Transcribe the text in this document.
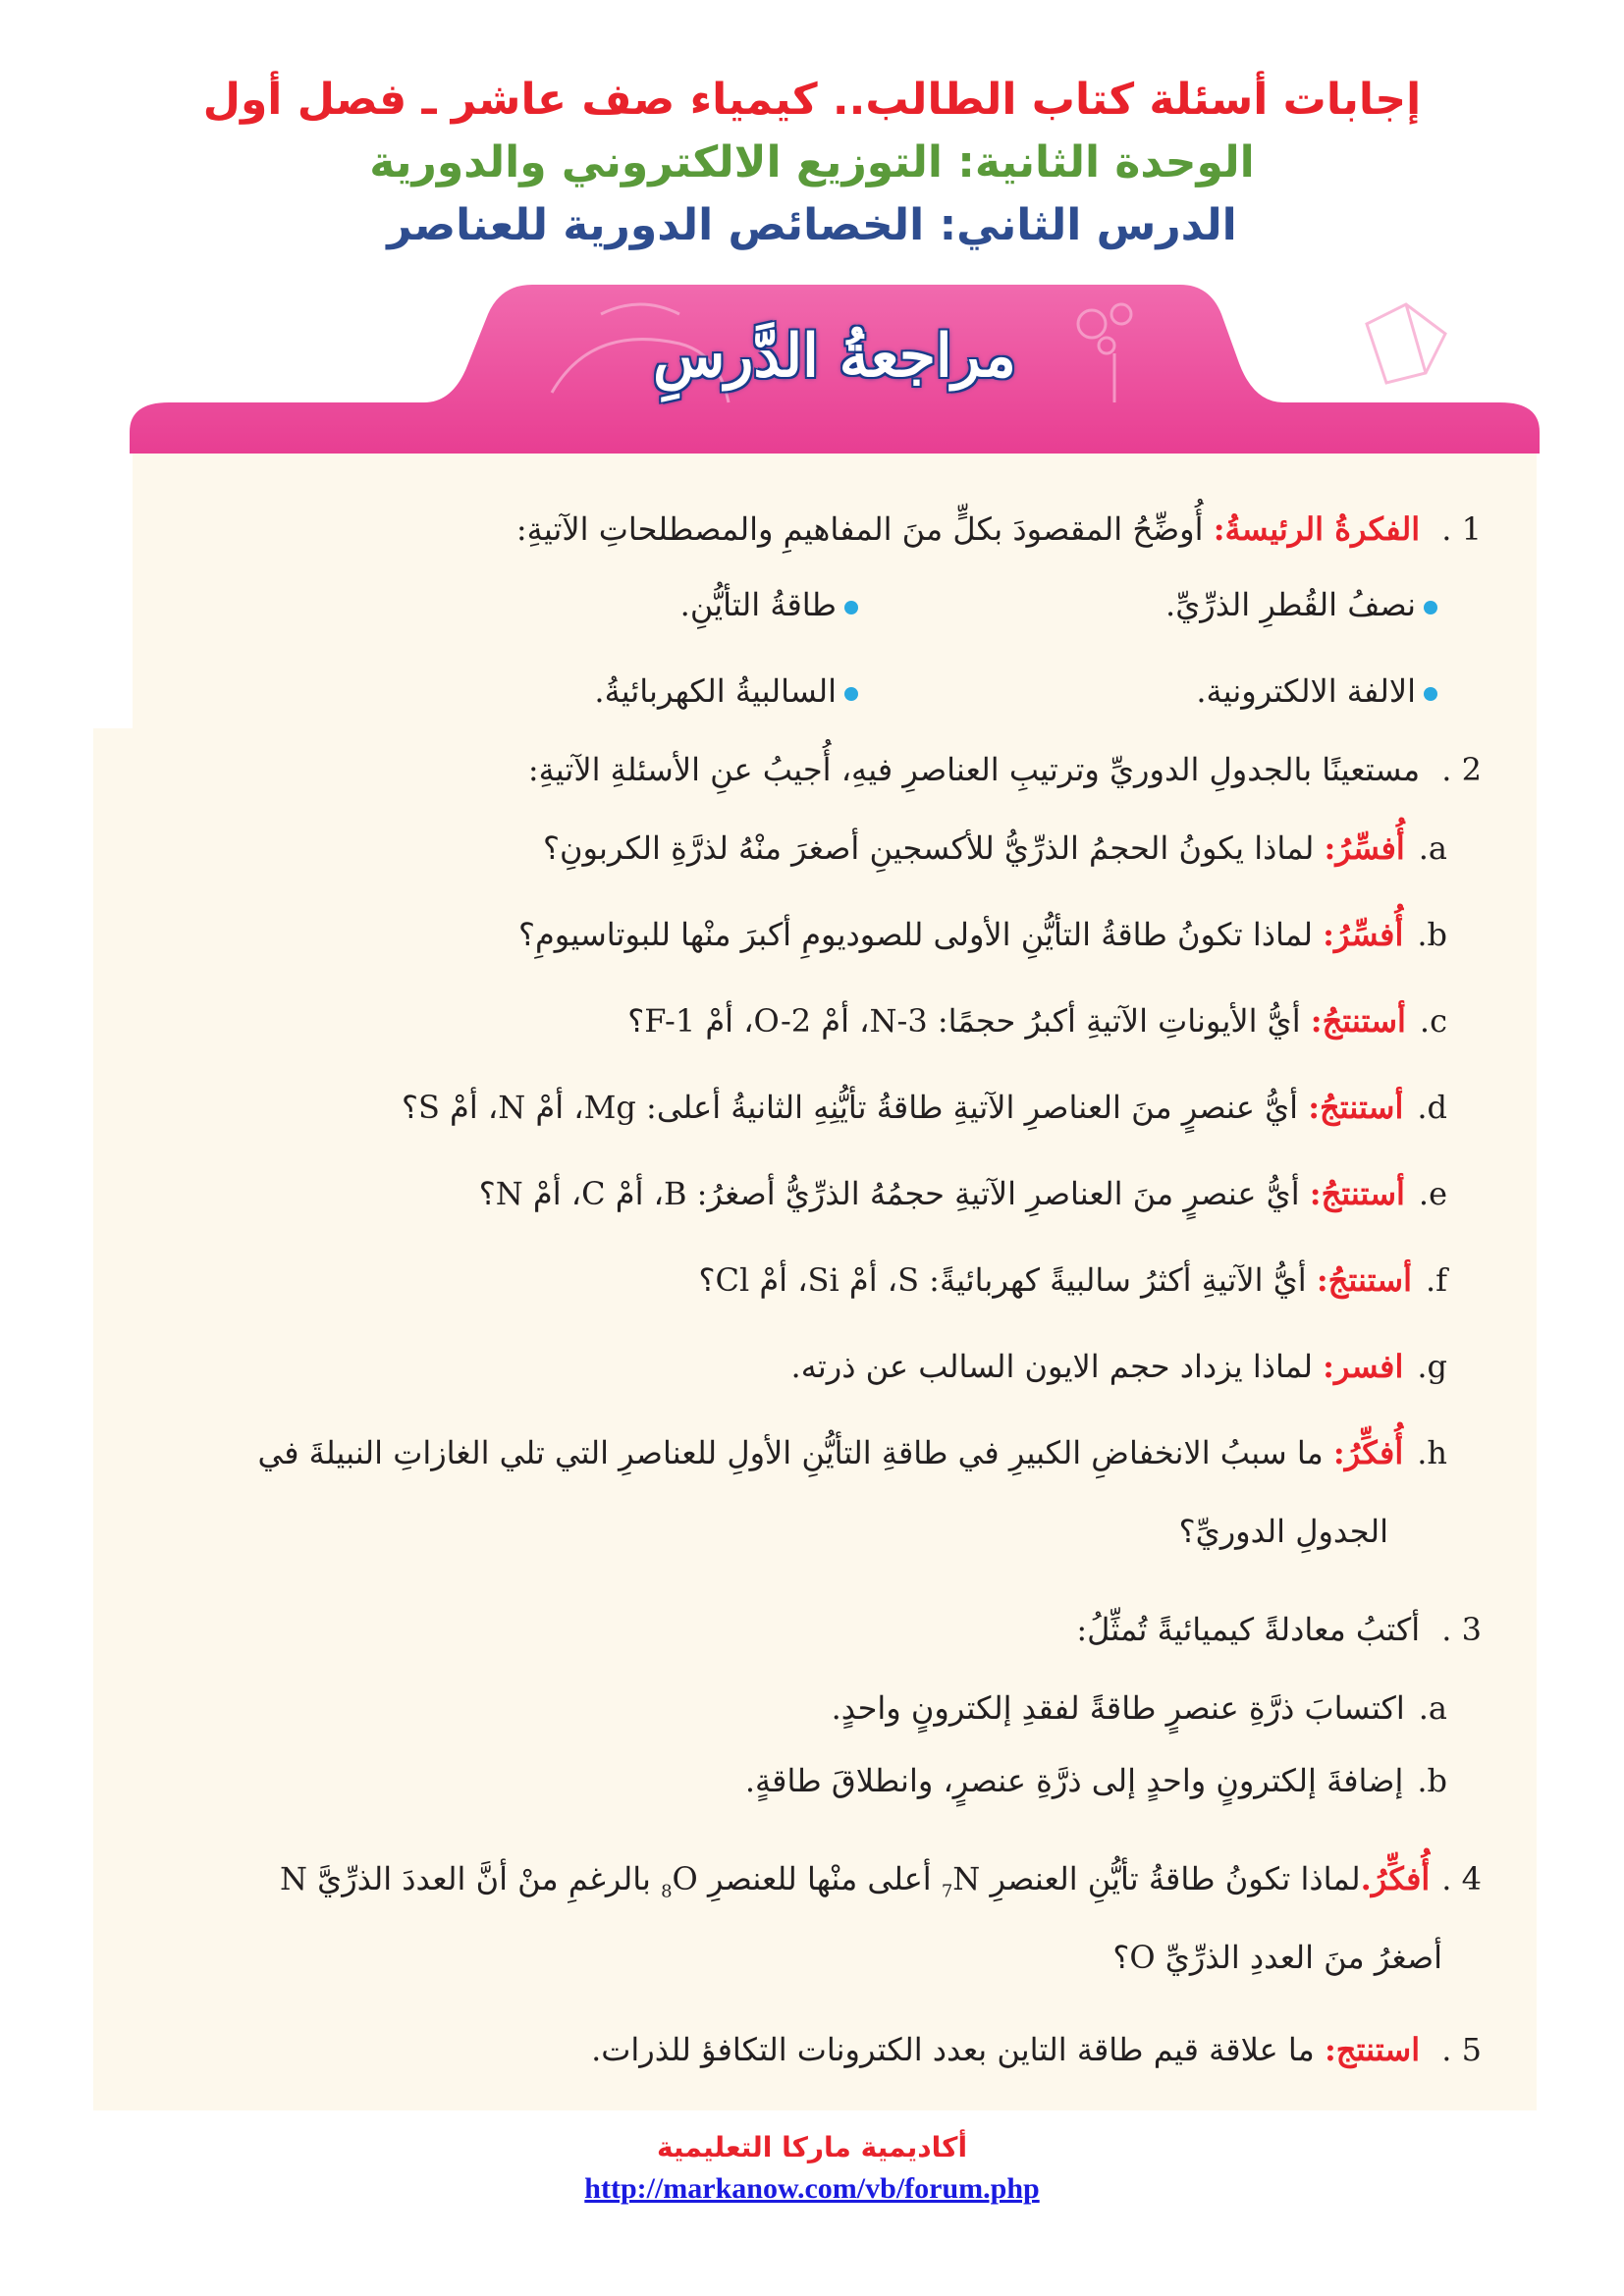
إجابات أسئلة كتاب الطالب.. كيمياء صف عاشر ـ فصل أول
الوحدة الثانية: التوزيع الالكتروني والدورية
الدرس الثاني: الخصائص الدورية للعناصر
مراجعةُ الدَّرسِ
1 . الفكرةُ الرئيسةُ: أُوضِّحُ المقصودَ بكلٍّ منَ المفاهيمِ والمصطلحاتِ الآتيةِ:
نصفُ القُطرِ الذرِّيِّ.
طاقةُ التأيُّنِ.
الالفة الالكترونية.
السالبيةُ الكهربائيةُ.
2 . مستعينًا بالجدولِ الدوريِّ وترتيبِ العناصرِ فيهِ، أُجيبُ عنِ الأسئلةِ الآتيةِ:
a.أُفسِّرُ: لماذا يكونُ الحجمُ الذرِّيُّ للأكسجينِ أصغرَ منْهُ لذرَّةِ الكربونِ؟
b.أُفسِّرُ: لماذا تكونُ طاقةُ التأيُّنِ الأولى للصوديومِ أكبرَ منْها للبوتاسيومِ؟
c.أستنتجُ: أيُّ الأيوناتِ الآتيةِ أكبرُ حجمًا: N-3، أمْ O-2، أمْ F-1؟
d.أستنتجُ: أيُّ عنصرٍ منَ العناصرِ الآتيةِ طاقةُ تأيُّنِهِ الثانيةُ أعلى: Mg، أمْ N، أمْ S؟
e.أستنتجُ: أيُّ عنصرٍ منَ العناصرِ الآتيةِ حجمُهُ الذرِّيُّ أصغرُ: B، أمْ C، أمْ N؟
f.أستنتجُ: أيُّ الآتيةِ أكثرُ سالبيةً كهربائيةً: S، أمْ Si، أمْ Cl؟
g.افسر: لماذا يزداد حجم الايون السالب عن ذرته.
h.أُفكِّرُ: ما سببُ الانخفاضِ الكبيرِ في طاقةِ التأيُّنِ الأولِ للعناصرِ التي تلي الغازاتِ النبيلةَ في
الجدولِ الدوريِّ؟
3 . أكتبُ معادلةً كيميائيةً تُمثِّلُ:
a.اكتسابَ ذرَّةِ عنصرٍ طاقةً لفقدِ إلكترونٍ واحدٍ.
b.إضافةَ إلكترونٍ واحدٍ إلى ذرَّةِ عنصرٍ، وانطلاقَ طاقةٍ.
4 .أُفكِّرُ.لماذا تكونُ طاقةُ تأيُّنِ العنصرِ $_7$N أعلى منْها للعنصرِ $_8$O بالرغمِ منْ أنَّ العددَ الذرِّيَّ N
أصغرُ منَ العددِ الذرِّيِّ O؟
5 . استنتج: ما علاقة قيم طاقة التاين بعدد الكترونات التكافؤ للذرات.
أكاديمية ماركا التعليمية
http://markanow.com/vb/forum.php
